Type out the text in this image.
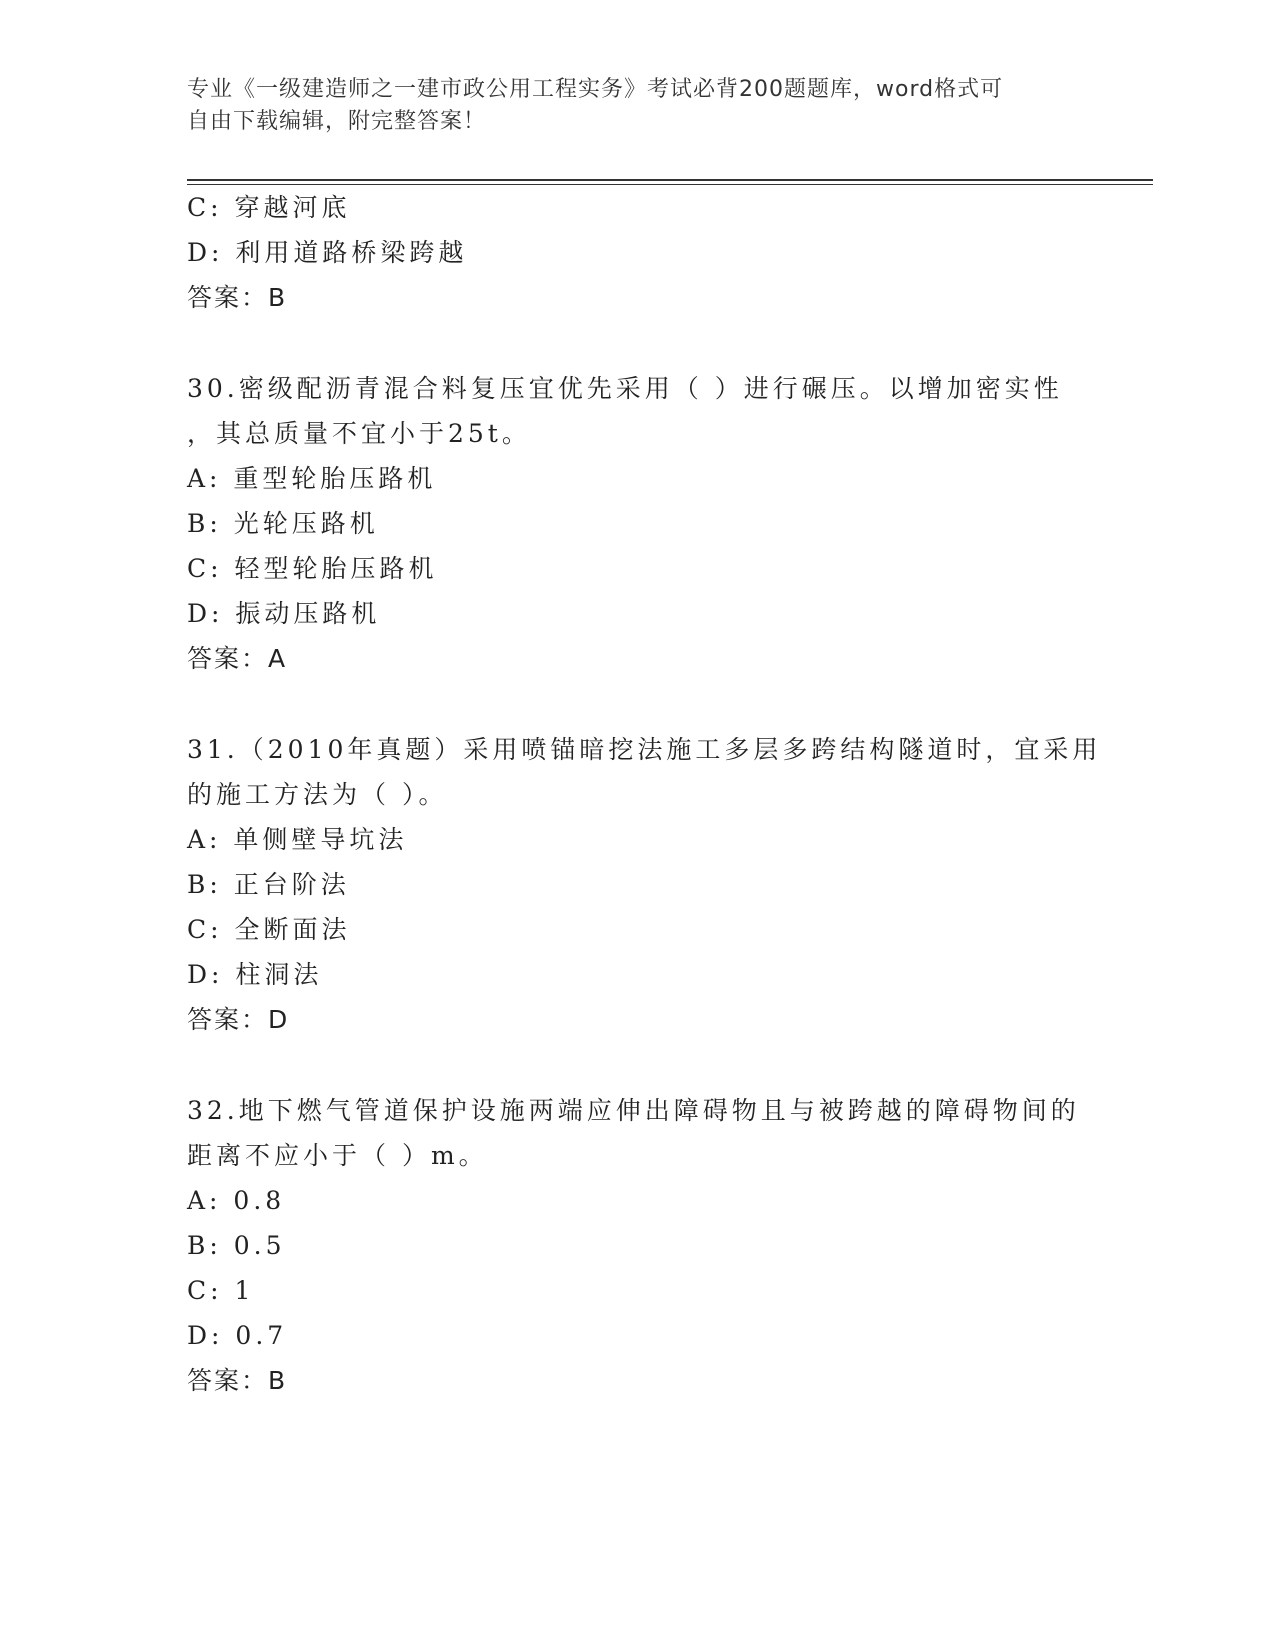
专业《一级建造师之一建市政公用工程实务》考试必背200题题库，word格式可
自由下载编辑，附完整答案！
C: 穿越河底
D: 利用道路桥梁跨越
答案：B
30.密级配沥青混合料复压宜优先采用（ ）进行碾压。以增加密实性
，其总质量不宜小于25t。
A: 重型轮胎压路机
B: 光轮压路机
C: 轻型轮胎压路机
D: 振动压路机
答案：A
31.（2010年真题）采用喷锚暗挖法施工多层多跨结构隧道时，宜采用
的施工方法为（ ）。
A: 单侧壁导坑法
B: 正台阶法
C: 全断面法
D: 柱洞法
答案：D
32.地下燃气管道保护设施两端应伸出障碍物且与被跨越的障碍物间的
距离不应小于（ ）m。
A: 0.8
B: 0.5
C: 1
D: 0.7
答案：B
